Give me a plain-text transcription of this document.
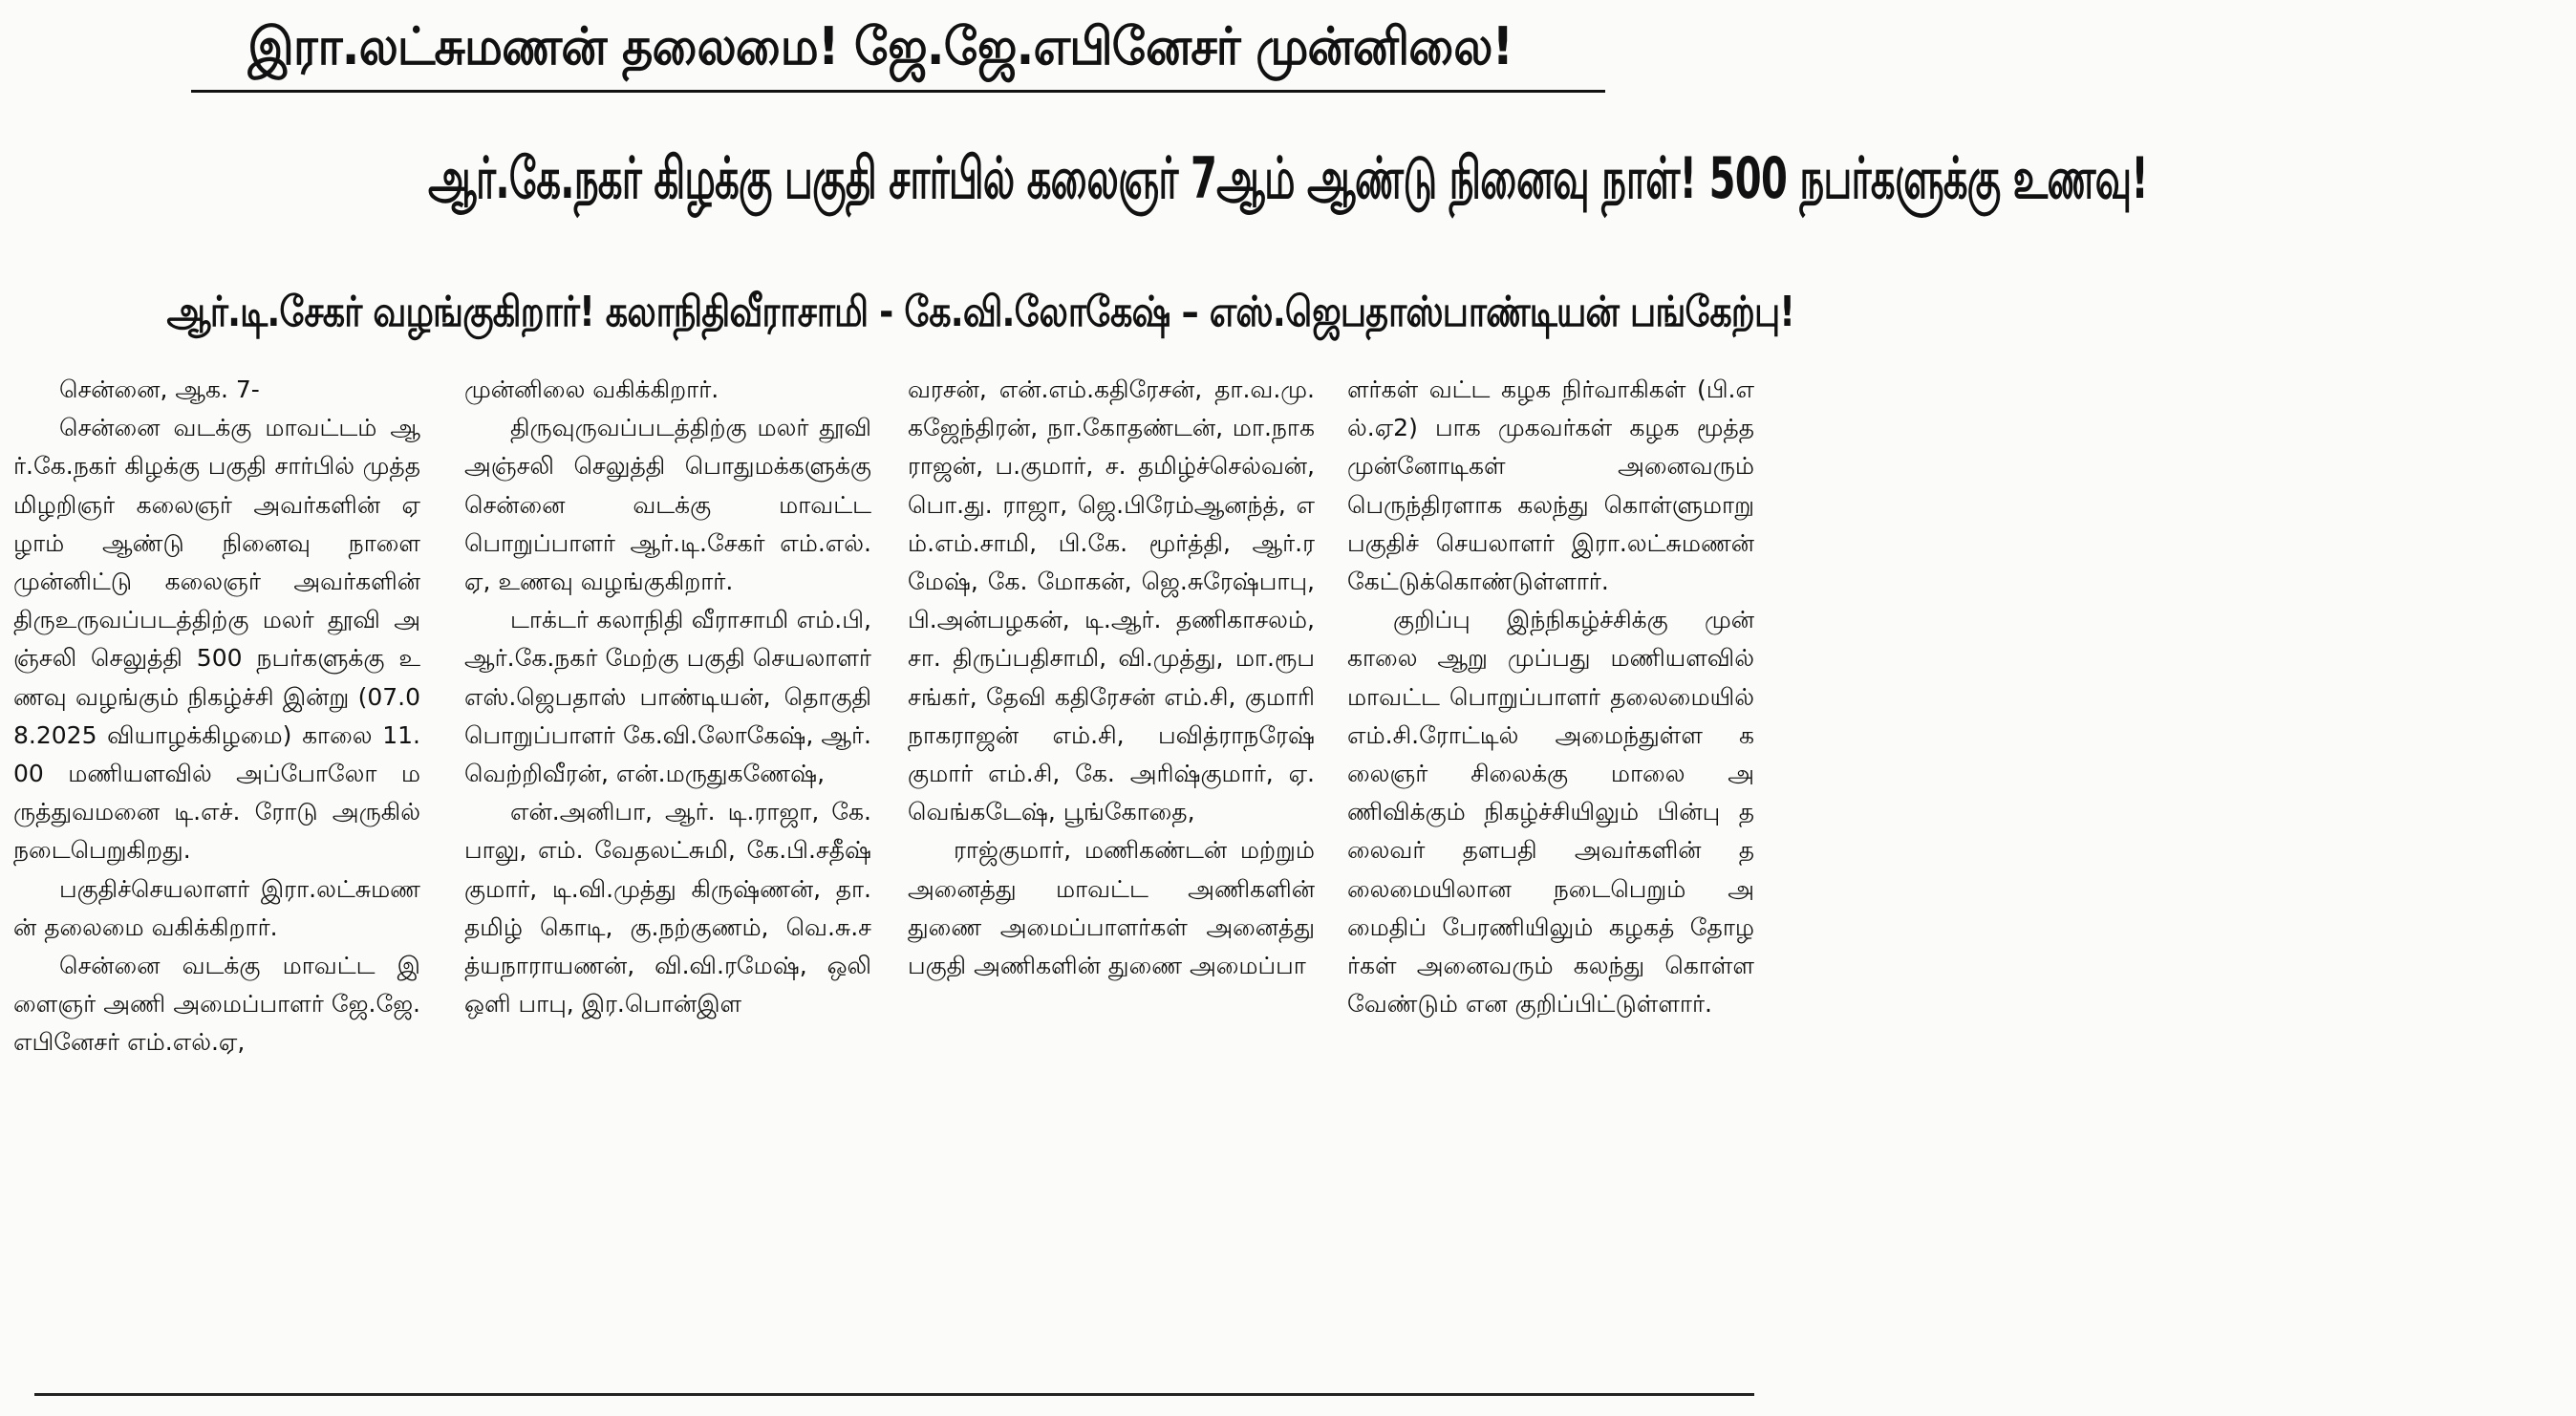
இரா.லட்சுமணன் தலைமை! ஜே.ஜே.எபினேசர் முன்னிலை!
ஆர்.கே.நகர் கிழக்கு பகுதி சார்பில் கலைஞர் 7ஆம் ஆண்டு நினைவு நாள்! 500 நபர்களுக்கு உணவு!
ஆர்.டி.சேகர் வழங்குகிறார்! கலாநிதிவீராசாமி - கே.வி.லோகேஷ் – எஸ்.ஜெபதாஸ்பாண்டியன் பங்கேற்பு!

சென்னை, ஆக. 7-

சென்னை வடக்கு மாவட்டம் ஆர்.கே.நகர் கிழக்கு பகுதி சார்பில் முத்தமிழறிஞர் கலைஞர் அவர்களின் ஏழாம் ஆண்டு நினைவு நாளை முன்னிட்டு கலைஞர் அவர்களின் திருஉருவப்படத்திற்கு மலர் தூவி அஞ்சலி செலுத்தி 500 நபர்களுக்கு உணவு வழங்கும் நிகழ்ச்சி இன்று (07.08.2025 வியாழக்கிழமை) காலை 11.00 மணியளவில் அப்போலோ மருத்துவமனை டி.எச். ரோடு அருகில் நடைபெறுகிறது.

பகுதிச்செயலாளர் இரா.லட்சுமணன் தலைமை வகிக்கிறார்.

சென்னை வடக்கு மாவட்ட இளைஞர் அணி அமைப்பாளர் ஜே.ஜே. எபினேசர் எம்.எல்.ஏ,

முன்னிலை வகிக்கிறார்.

திருவுருவப்படத்திற்கு மலர் தூவி அஞ்சலி செலுத்தி பொதுமக்களுக்கு சென்னை வடக்கு மாவட்ட பொறுப்பாளர் ஆர்.டி.சேகர் எம்.எல்.ஏ, உணவு வழங்குகிறார்.

டாக்டர் கலாநிதி வீராசாமி எம்.பி, ஆர்.கே.நகர் மேற்கு பகுதி செயலாளர் எஸ்.ஜெபதாஸ் பாண்டியன், தொகுதி பொறுப்பாளர் கே.வி.லோகேஷ், ஆர். வெற்றிவீரன், என்.மருதுகணேஷ்,

என்.அனிபா, ஆர். டி.ராஜா, கே.பாலு, எம். வேதலட்சுமி, கே.பி.சதீஷ் குமார், டி.வி.முத்து கிருஷ்ணன், தா. தமிழ் கொடி, கு.நற்குணம், வெ.சு.சத்யநாராயணன், வி.வி.ரமேஷ், ஒலி ஒளி பாபு, இர.பொன்இள

வரசன், என்.எம்.கதிரேசன், தா.வ.மு.கஜேந்திரன், நா.கோதண்டன், மா.நாகராஜன், ப.குமார், ச. தமிழ்ச்செல்வன், பொ.து. ராஜா, ஜெ.பிரேம்ஆனந்த், எம்.எம்.சாமி, பி.கே. மூர்த்தி, ஆர்.ரமேஷ், கே. மோகன், ஜெ.சுரேஷ்பாபு, பி.அன்பழகன், டி.ஆர். தணிகாசலம், சா. திருப்பதிசாமி, வி.முத்து, மா.ரூபசங்கர், தேவி கதிரேசன் எம்.சி, குமாரி நாகராஜன் எம்.சி, பவித்ராநரேஷ் குமார் எம்.சி, கே. அரிஷ்குமார், ஏ.வெங்கடேஷ், பூங்கோதை,

ராஜ்குமார், மணிகண்டன் மற்றும் அனைத்து மாவட்ட அணிகளின் துணை அமைப்பாளர்கள் அனைத்து பகுதி அணிகளின் துணை அமைப்பா

ளர்கள் வட்ட கழக நிர்வாகிகள் (பி.எல்.ஏ2) பாக முகவர்கள் கழக மூத்த முன்னோடிகள் அனைவரும் பெருந்திரளாக கலந்து கொள்ளுமாறு பகுதிச் செயலாளர் இரா.லட்சுமணன் கேட்டுக்கொண்டுள்ளார்.

குறிப்பு இந்நிகழ்ச்சிக்கு முன் காலை ஆறு முப்பது மணியளவில் மாவட்ட பொறுப்பாளர் தலைமையில் எம்.சி.ரோட்டில் அமைந்துள்ள கலைஞர் சிலைக்கு மாலை அணிவிக்கும் நிகழ்ச்சியிலும் பின்பு தலைவர் தளபதி அவர்களின் தலைமையிலான நடைபெறும் அமைதிப் பேரணியிலும் கழகத் தோழர்கள் அனைவரும் கலந்து கொள்ள வேண்டும் என குறிப்பிட்டுள்ளார்.
